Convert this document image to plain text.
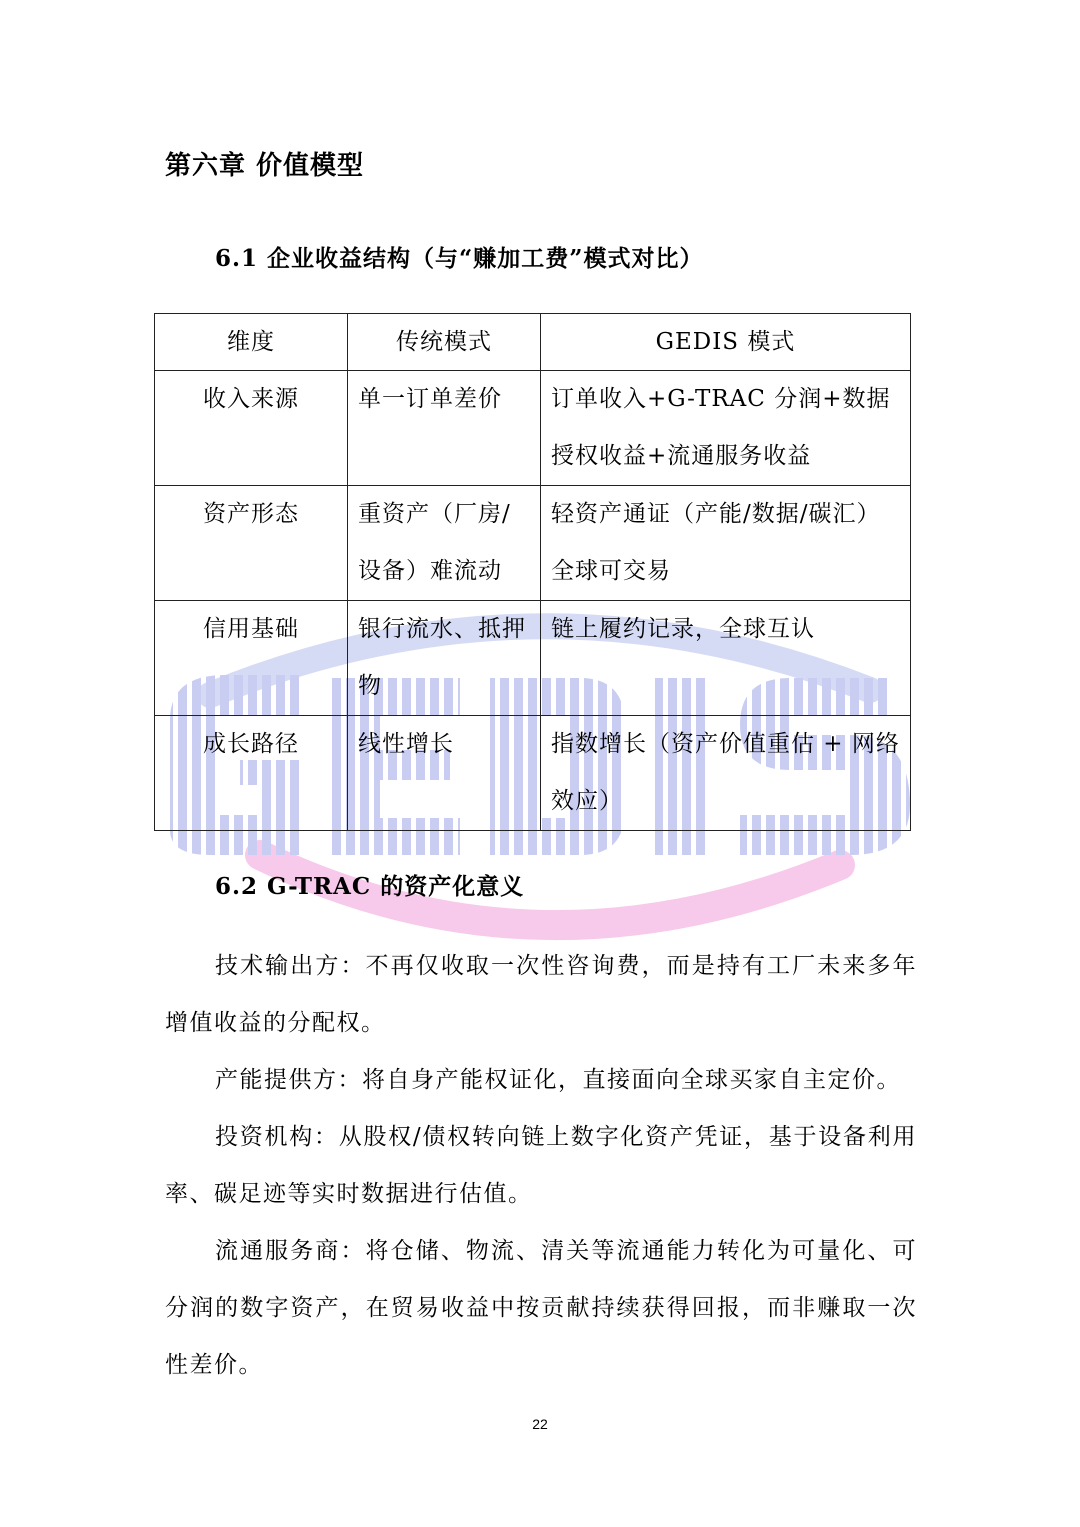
第六章 价值模型
6.1 企业收益结构（与“赚加工费”模式对比）
维度	传统模式	GEDIS 模式
收入来源	单一订单差价	订单收入+G-TRAC 分润+数据授权收益+流通服务收益
资产形态	重资产（厂房/设备）难流动	轻资产通证（产能/数据/碳汇）全球可交易
信用基础	银行流水、抵押物	链上履约记录，全球互认
成长路径	线性增长	指数增长（资产价值重估 + 网络效应）
6.2 G-TRAC 的资产化意义

技术输出方：不再仅收取一次性咨询费，而是持有工厂未来多年增值收益的分配权。

产能提供方：将自身产能权证化，直接面向全球买家自主定价。

投资机构：从股权/债权转向链上数字化资产凭证，基于设备利用率、碳足迹等实时数据进行估值。

流通服务商：将仓储、物流、清关等流通能力转化为可量化、可分润的数字资产，在贸易收益中按贡献持续获得回报，而非赚取一次性差价。

22
